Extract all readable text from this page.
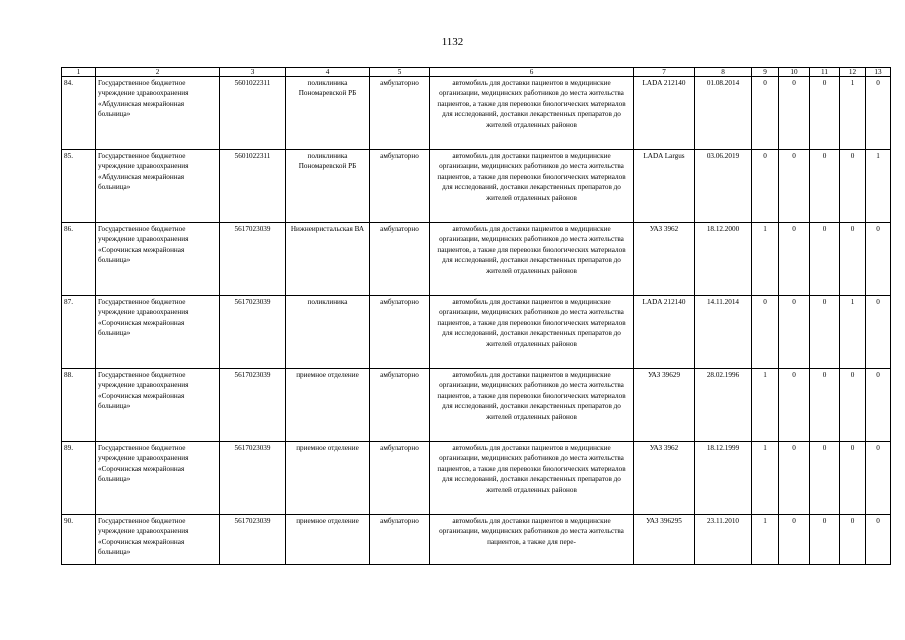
1132
1	2	3	4	5	6	7	8	9	10	11	12	13
84.	Государственное бюджетное учреждение здравоохранения «Абдулинская межрайонная больница»	5601022311	поликлиника Пономаревской РБ	амбулаторно	автомобиль для доставки пациентов в медицинские организации, медицинских работников до места жительства пациентов, а также для перевозки биологических материалов для исследований, доставки лекарственных препаратов до жителей отдаленных районов	LADA 212140	01.08.2014	0	0	0	1	0
85.	Государственное бюджетное учреждение здравоохранения «Абдулинская межрайонная больница»	5601022311	поликлиника Пономаревской РБ	амбулаторно	автомобиль для доставки пациентов в медицинские организации, медицинских работников до места жительства пациентов, а также для перевозки биологических материалов для исследований, доставки лекарственных препаратов до жителей отдаленных районов	LADA Largus	03.06.2019	0	0	0	0	1
86.	Государственное бюджетное учреждение здравоохранения «Сорочинская межрайонная больница»	5617023039	Нижнеиристальская ВА	амбулаторно	автомобиль для доставки пациентов в медицинские организации, медицинских работников до места жительства пациентов, а также для перевозки биологических материалов для исследований, доставки лекарственных препаратов до жителей отдаленных районов	УАЗ 3962	18.12.2000	1	0	0	0	0
87.	Государственное бюджетное учреждение здравоохранения «Сорочинская межрайонная больница»	5617023039	поликлиника	амбулаторно	автомобиль для доставки пациентов в медицинские организации, медицинских работников до места жительства пациентов, а также для перевозки биологических материалов для исследований, доставки лекарственных препаратов до жителей отдаленных районов	LADA 212140	14.11.2014	0	0	0	1	0
88.	Государственное бюджетное учреждение здравоохранения «Сорочинская межрайонная больница»	5617023039	приемное отделение	амбулаторно	автомобиль для доставки пациентов в медицинские организации, медицинских работников до места жительства пациентов, а также для перевозки биологических материалов для исследований, доставки лекарственных препаратов до жителей отдаленных районов	УАЗ 39629	28.02.1996	1	0	0	0	0
89.	Государственное бюджетное учреждение здравоохранения «Сорочинская межрайонная больница»	5617023039	приемное отделение	амбулаторно	автомобиль для доставки пациентов в медицинские организации, медицинских работников до места жительства пациентов, а также для перевозки биологических материалов для исследований, доставки лекарственных препаратов до жителей отдаленных районов	УАЗ 3962	18.12.1999	1	0	0	0	0
90.	Государственное бюджетное учреждение здравоохранения «Сорочинская межрайонная больница»	5617023039	приемное отделение	амбулаторно	автомобиль для доставки пациентов в медицинские организации, медицинских работников до места жительства пациентов, а также для пере-	УАЗ 396295	23.11.2010	1	0	0	0	0
